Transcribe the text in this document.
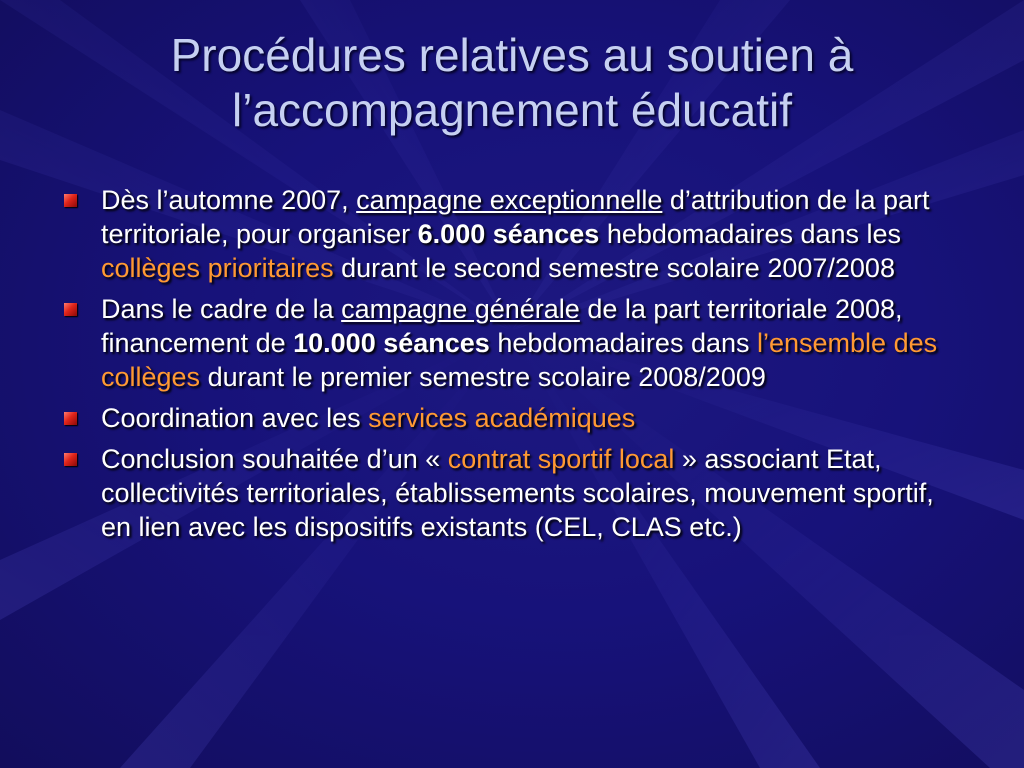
Procédures relatives au soutien à
l’accompagnement éducatif
Dès l’automne 2007, campagne exceptionnelle d’attribution de la part territoriale, pour organiser 6.000 séances hebdomadaires dans les collèges prioritaires durant le second semestre scolaire 2007/2008
Dans le cadre de la campagne générale de la part territoriale 2008, financement de 10.000 séances hebdomadaires dans l’ensemble des collèges durant le premier semestre scolaire 2008/2009
Coordination avec les services académiques
Conclusion souhaitée d’un « contrat sportif local » associant Etat, collectivités territoriales, établissements scolaires, mouvement sportif, en lien avec les dispositifs existants (CEL, CLAS etc.)
